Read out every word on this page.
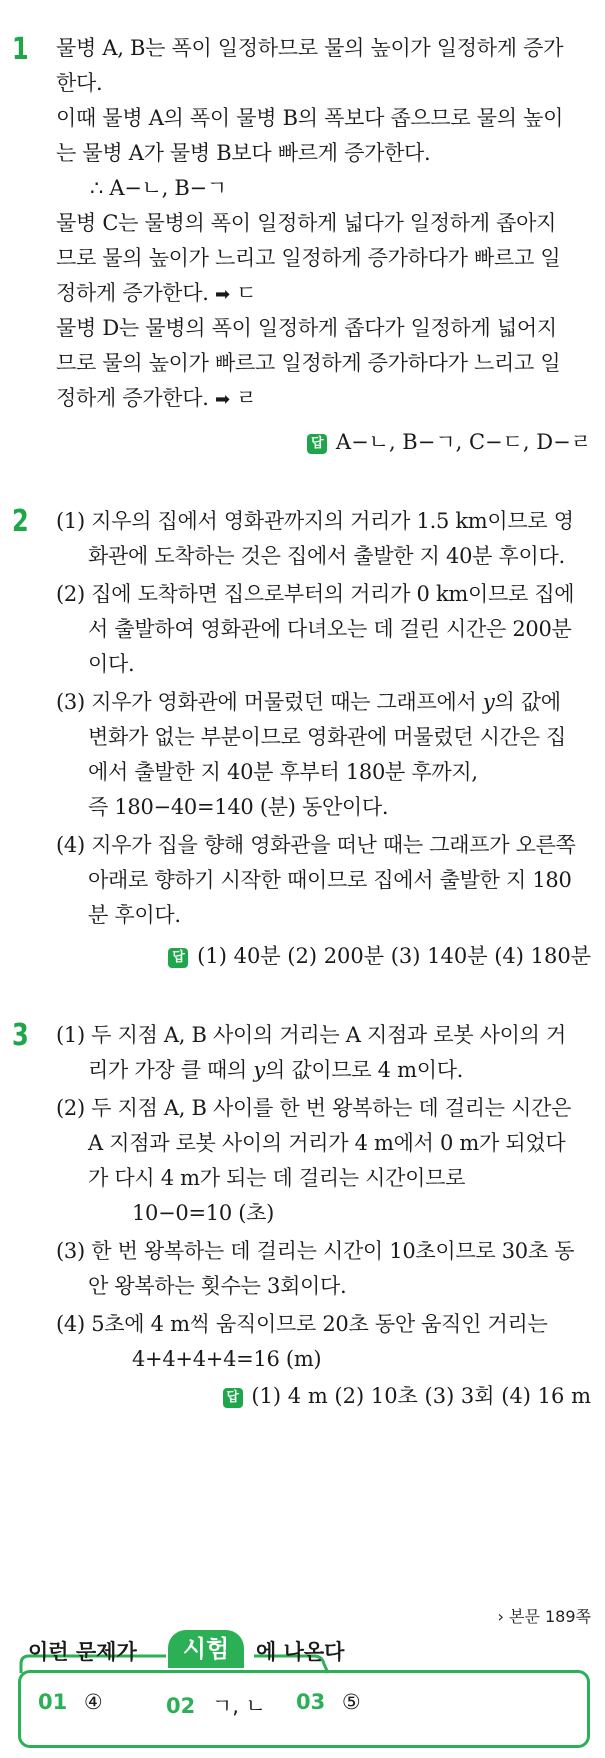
1 물병 A, B는 폭이 일정하므로 물의 높이가 일정하게 증가
한다.
이때 물병 A의 폭이 물병 B의 폭보다 좁으므로 물의 높이
는 물병 A가 물병 B보다 빠르게 증가한다.
∴ A−ㄴ, B−ㄱ
물병 C는 물병의 폭이 일정하게 넓다가 일정하게 좁아지
므로 물의 높이가 느리고 일정하게 증가하다가 빠르고 일
정하게 증가한다. ➡ ㄷ
물병 D는 물병의 폭이 일정하게 좁다가 일정하게 넓어지
므로 물의 높이가 빠르고 일정하게 증가하다가 느리고 일
정하게 증가한다. ➡ ㄹ
답 A−ㄴ, B−ㄱ, C−ㄷ, D−ㄹ
2 (1) 지우의 집에서 영화관까지의 거리가 1.5 km이므로 영
화관에 도착하는 것은 집에서 출발한 지 40분 후이다.
(2) 집에 도착하면 집으로부터의 거리가 0 km이므로 집에
서 출발하여 영화관에 다녀오는 데 걸린 시간은 200분
이다.
(3) 지우가 영화관에 머물렀던 때는 그래프에서 y의 값에
변화가 없는 부분이므로 영화관에 머물렀던 시간은 집
에서 출발한 지 40분 후부터 180분 후까지,
즉 180−40=140 (분) 동안이다.
(4) 지우가 집을 향해 영화관을 떠난 때는 그래프가 오른쪽
아래로 향하기 시작한 때이므로 집에서 출발한 지 180
분 후이다.
답 (1) 40분 (2) 200분 (3) 140분 (4) 180분
3 (1) 두 지점 A, B 사이의 거리는 A 지점과 로봇 사이의 거
리가 가장 클 때의 y의 값이므로 4 m이다.
(2) 두 지점 A, B 사이를 한 번 왕복하는 데 걸리는 시간은
A 지점과 로봇 사이의 거리가 4 m에서 0 m가 되었다
가 다시 4 m가 되는 데 걸리는 시간이므로
10−0=10 (초)
(3) 한 번 왕복하는 데 걸리는 시간이 10초이므로 30초 동
안 왕복하는 횟수는 3회이다.
(4) 5초에 4 m씩 움직이므로 20초 동안 움직인 거리는
4+4+4+4=16 (m)
답 (1) 4 m (2) 10초 (3) 3회 (4) 16 m
› 본문 189쪽
이런 문제가	시험	에 나온다
01 ④	02 ㄱ, ㄴ 03 ⑤
